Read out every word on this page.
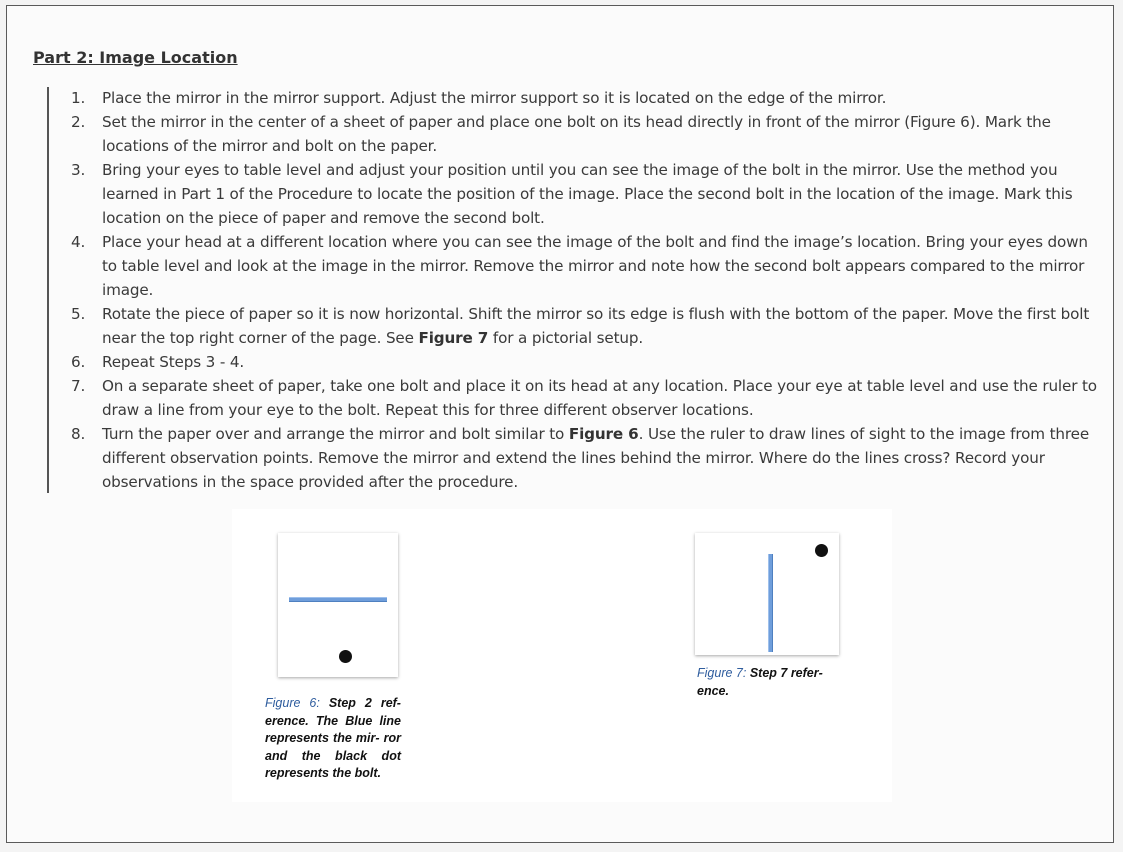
Part 2: Image Location
1. Place the mirror in the mirror support. Adjust the mirror support so it is located on the edge of the mirror.
2. Set the mirror in the center of a sheet of paper and place one bolt on its head directly in front of the mirror (Figure 6). Mark the locations of the mirror and bolt on the paper.
3. Bring your eyes to table level and adjust your position until you can see the image of the bolt in the mirror. Use the method you learned in Part 1 of the Procedure to locate the position of the image. Place the second bolt in the location of the image. Mark this location on the piece of paper and remove the second bolt.
4. Place your head at a different location where you can see the image of the bolt and find the image’s location. Bring your eyes down to table level and look at the image in the mirror. Remove the mirror and note how the second bolt appears compared to the mirror image.
5. Rotate the piece of paper so it is now horizontal. Shift the mirror so its edge is flush with the bottom of the paper. Move the first bolt near the top right corner of the page. See Figure 7 for a pictorial setup.
6. Repeat Steps 3 - 4.
7. On a separate sheet of paper, take one bolt and place it on its head at any location. Place your eye at table level and use the ruler to draw a line from your eye to the bolt. Repeat this for three different observer locations.
8. Turn the paper over and arrange the mirror and bolt similar to Figure 6. Use the ruler to draw lines of sight to the image from three different observation points. Remove the mirror and extend the lines behind the mirror. Where do the lines cross? Record your observations in the space provided after the procedure.
Figure 6: Step 2 ref- erence. The Blue line represents the mir- ror and the black dot represents the bolt.
Figure 7: Step 7 refer- ence.
